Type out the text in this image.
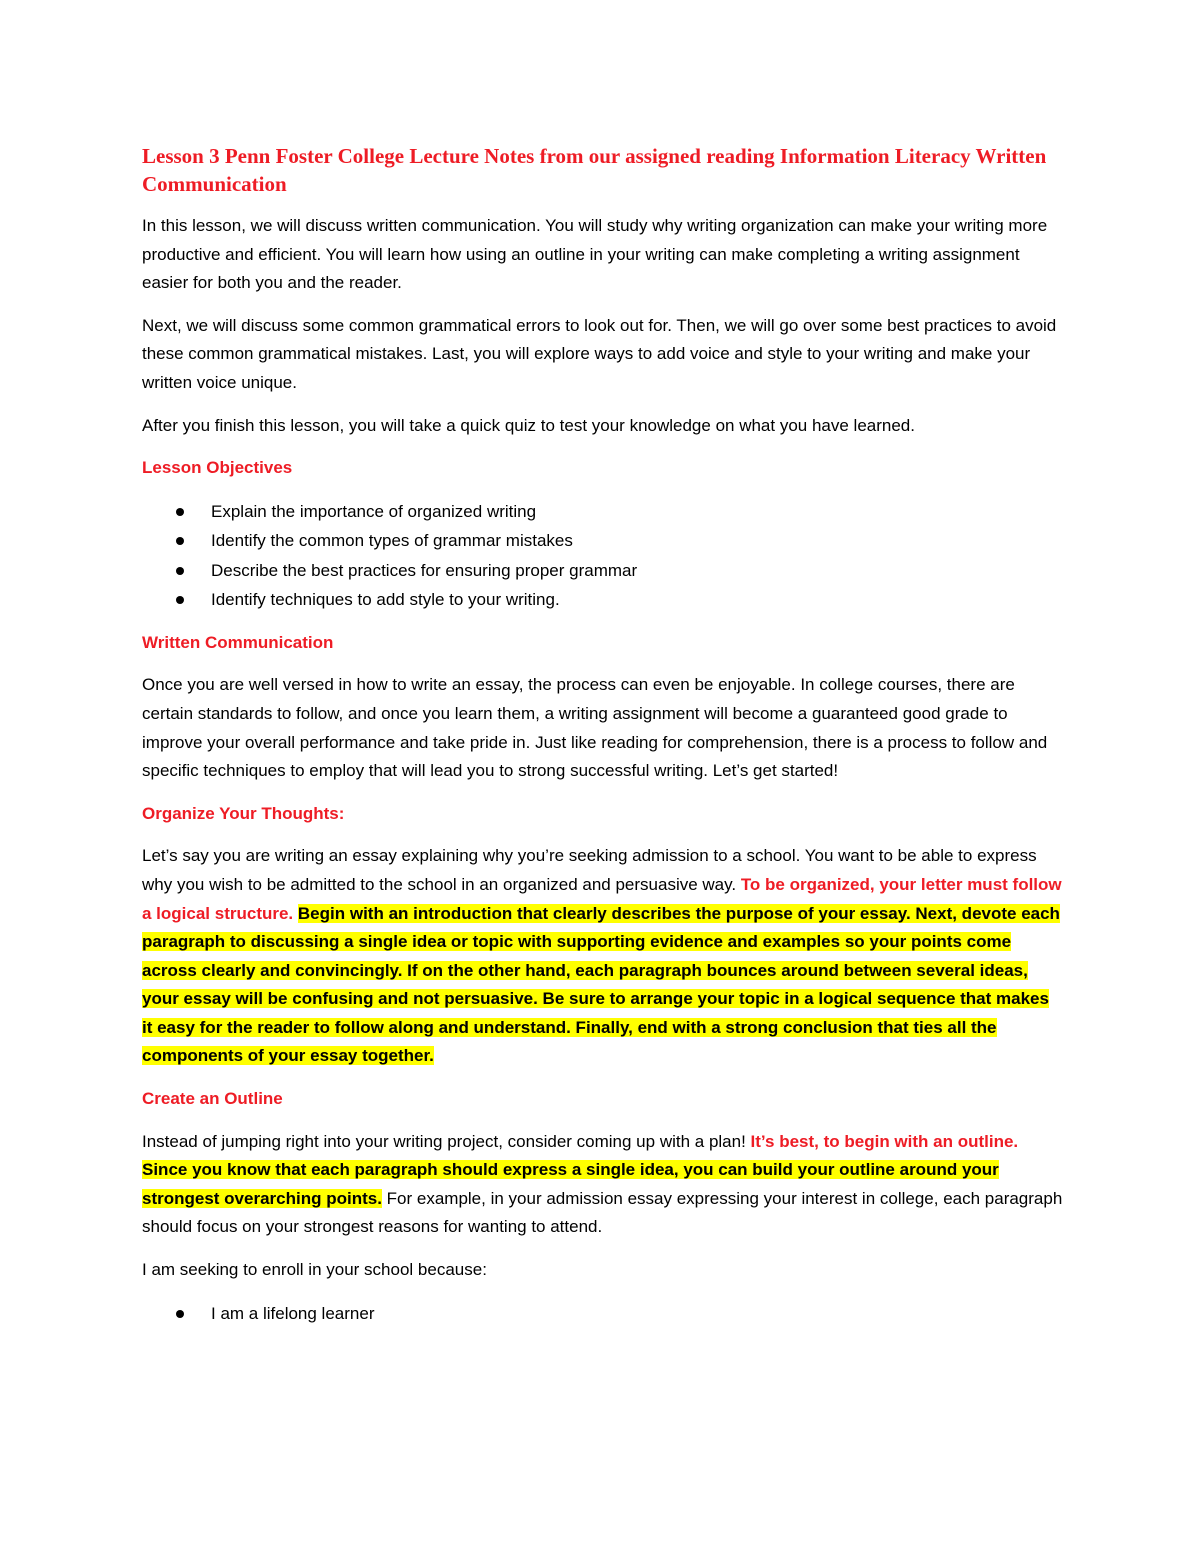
Lesson 3 Penn Foster College Lecture Notes from our assigned reading Information Literacy Written Communication

In this lesson, we will discuss written communication. You will study why writing organization can make your writing more productive and efficient. You will learn how using an outline in your writing can make completing a writing assignment easier for both you and the reader.

Next, we will discuss some common grammatical errors to look out for. Then, we will go over some best practices to avoid these common grammatical mistakes. Last, you will explore ways to add voice and style to your writing and make your written voice unique.

After you finish this lesson, you will take a quick quiz to test your knowledge on what you have learned.

Lesson Objectives
Explain the importance of organized writing
Identify the common types of grammar mistakes
Describe the best practices for ensuring proper grammar
Identify techniques to add style to your writing.
Written Communication

Once you are well versed in how to write an essay, the process can even be enjoyable. In college courses, there are certain standards to follow, and once you learn them, a writing assignment will become a guaranteed good grade to improve your overall performance and take pride in. Just like reading for comprehension, there is a process to follow and specific techniques to employ that will lead you to strong successful writing. Let’s get started!

Organize Your Thoughts:

Let’s say you are writing an essay explaining why you’re seeking admission to a school. You want to be able to express why you wish to be admitted to the school in an organized and persuasive way. To be organized, your letter must follow a logical structure. Begin with an introduction that clearly describes the purpose of your essay. Next, devote each paragraph to discussing a single idea or topic with supporting evidence and examples so your points come across clearly and convincingly. If on the other hand, each paragraph bounces around between several ideas, your essay will be confusing and not persuasive. Be sure to arrange your topic in a logical sequence that makes it easy for the reader to follow along and understand. Finally, end with a strong conclusion that ties all the components of your essay together.

Create an Outline

Instead of jumping right into your writing project, consider coming up with a plan! It’s best, to begin with an outline. Since you know that each paragraph should express a single idea, you can build your outline around your strongest overarching points. For example, in your admission essay expressing your interest in college, each paragraph should focus on your strongest reasons for wanting to attend.

I am seeking to enroll in your school because:

I am a lifelong learner
